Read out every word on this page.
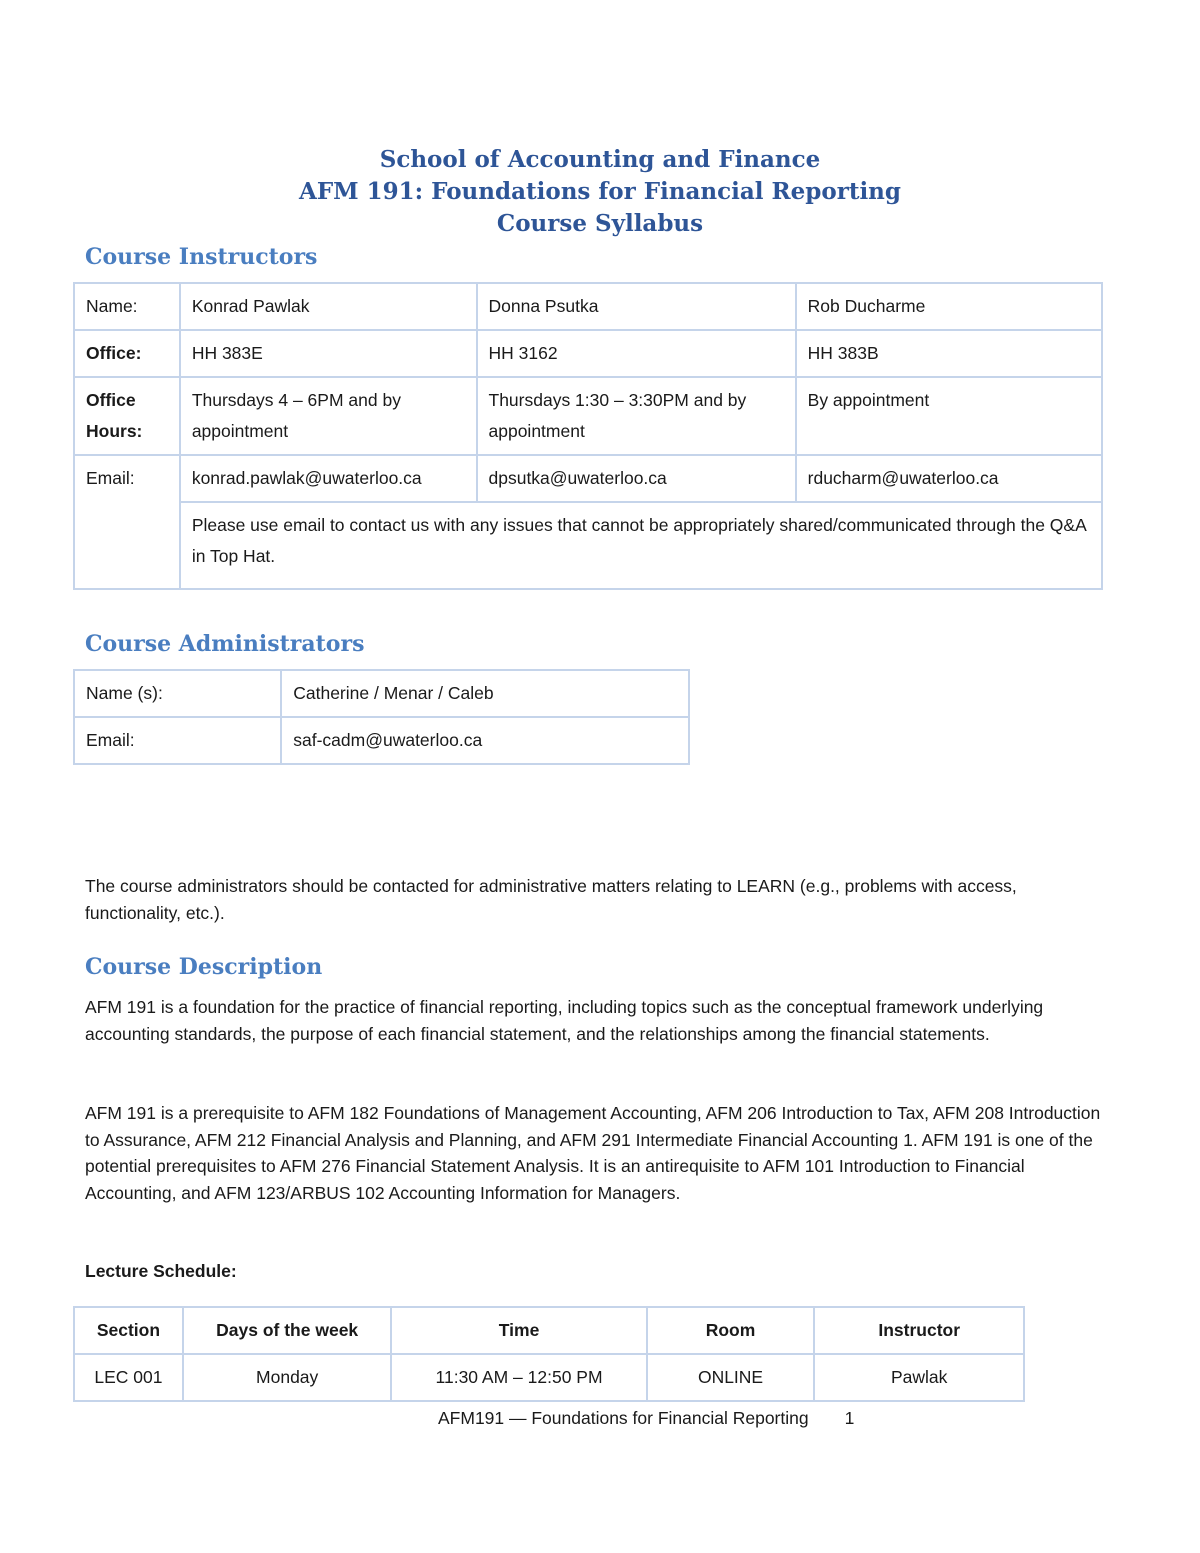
School of Accounting and Finance

AFM 191: Foundations for Financial Reporting

Course Syllabus

Course Instructors
Name:	Konrad Pawlak	Donna Psutka	Rob Ducharme
Office:	HH 383E	HH 3162	HH 383B
Office Hours:	Thursdays 4 – 6PM and by appointment	Thursdays 1:30 – 3:30PM and by appointment	By appointment
Email:	konrad.pawlak@uwaterloo.ca	dpsutka@uwaterloo.ca	rducharm@uwaterloo.ca
	Please use email to contact us with any issues that cannot be appropriately shared/communicated through the Q&A in Top Hat.		
Course Administrators
Name (s):	Catherine / Menar / Caleb
Email:	saf-cadm@uwaterloo.ca

The course administrators should be contacted for administrative matters relating to LEARN (e.g., problems with access, functionality, etc.).

Course Description

AFM 191 is a foundation for the practice of financial reporting, including topics such as the conceptual framework underlying accounting standards, the purpose of each financial statement, and the relationships among the financial statements.

AFM 191 is a prerequisite to AFM 182 Foundations of Management Accounting, AFM 206 Introduction to Tax, AFM 208 Introduction to Assurance, AFM 212 Financial Analysis and Planning, and AFM 291 Intermediate Financial Accounting 1. AFM 191 is one of the potential prerequisites to AFM 276 Financial Statement Analysis. It is an antirequisite to AFM 101 Introduction to Financial Accounting, and AFM 123/ARBUS 102 Accounting Information for Managers.

Lecture Schedule:

Section	Days of the week	Time	Room	Instructor
LEC 001	Monday	11:30 AM – 12:50 PM	ONLINE	Pawlak
AFM191 — Foundations for Financial Reporting 1
